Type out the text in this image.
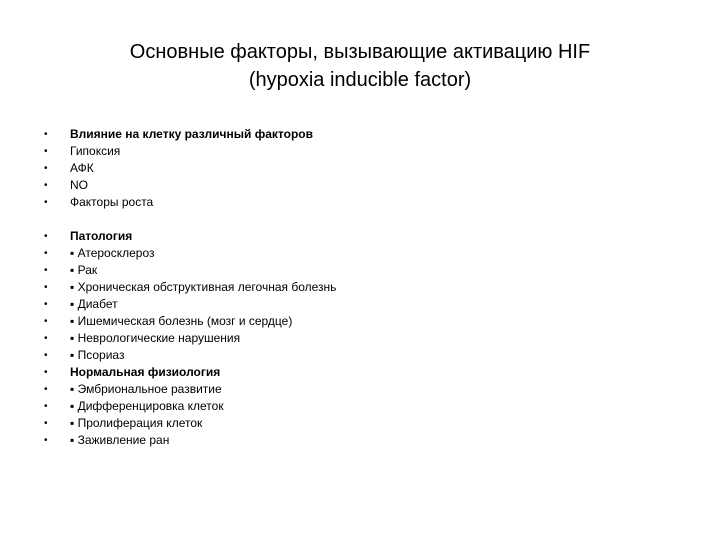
Основные факторы, вызывающие активацию HIF
(hypoxia inducible factor)
• Влияние на клетку различный факторов
• Гипоксия
• АФК
• NO
• Факторы роста
• Патология
• ▪ Атеросклероз
• ▪ Рак
• ▪ Хроническая обструктивная легочная болезнь
• ▪ Диабет
• ▪ Ишемическая болезнь (мозг и сердце)
• ▪ Неврологические нарушения
• ▪ Псориаз
• Нормальная физиология
• ▪ Эмбриональное развитие
• ▪ Дифференцировка клеток
• ▪ Пролиферация клеток
• ▪ Заживление ран
